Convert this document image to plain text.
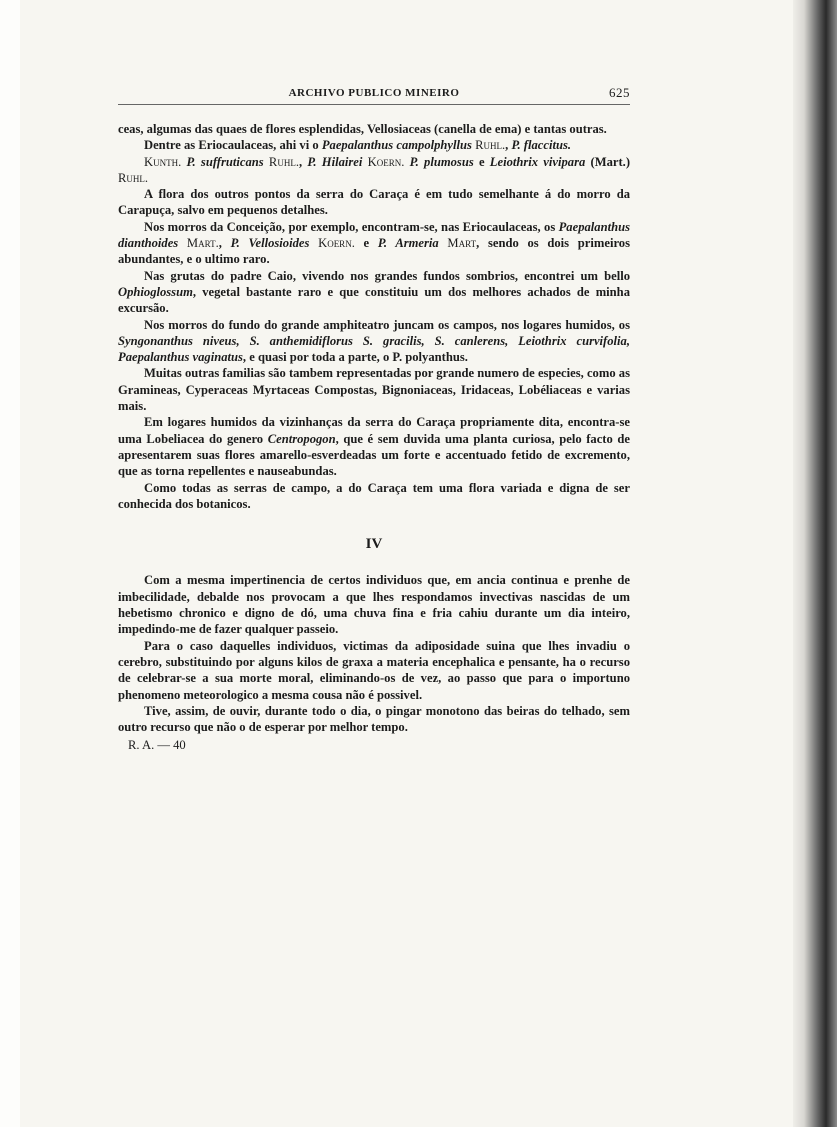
ARCHIVO PUBLICO MINEIRO	625

ceas, algumas das quaes de flores esplendidas, Vellosiaceas (canella de ema) e tantas outras.

Dentre as Eriocaulaceas, ahi vi o Paepalanthus campolphyllus Ruhl., P. flaccitus.

Kunth. P. suffruticans Ruhl., P. Hilairei Koern. P. plumosus e Leiothrix vivipara (Mart.) Ruhl.

A flora dos outros pontos da serra do Caraça é em tudo semelhante á do morro da Carapuça, salvo em pequenos detalhes.

Nos morros da Conceição, por exemplo, encontram-se, nas Eriocaulaceas, os Paepalanthus dianthoides Mart., P. Vellosioides Koern. e P. Armeria Mart, sendo os dois primeiros abundantes, e o ultimo raro.

Nas grutas do padre Caio, vivendo nos grandes fundos sombrios, encontrei um bello Ophioglossum, vegetal bastante raro e que constituiu um dos melhores achados de minha excursão.

Nos morros do fundo do grande amphiteatro juncam os campos, nos logares humidos, os Syngonanthus niveus, S. anthemidiflorus S. gracilis, S. canlerens, Leiothrix curvifolia, Paepalanthus vaginatus, e quasi por toda a parte, o P. polyanthus.

Muitas outras familias são tambem representadas por grande numero de especies, como as Gramineas, Cyperaceas Myrtaceas Compostas, Bignoniaceas, Iridaceas, Lobéliaceas e varias mais.

Em logares humidos da vizinhanças da serra do Caraça propriamente dita, encontra-se uma Lobeliacea do genero Centropogon, que é sem duvida uma planta curiosa, pelo facto de apresentarem suas flores amarello-esverdeadas um forte e accentuado fetido de excremento, que as torna repellentes e nauseabundas.

Como todas as serras de campo, a do Caraça tem uma flora variada e digna de ser conhecida dos botanicos.

IV

Com a mesma impertinencia de certos individuos que, em ancia continua e prenhe de imbecilidade, debalde nos provocam a que lhes respondamos invectivas nascidas de um hebetismo chronico e digno de dó, uma chuva fina e fria cahiu durante um dia inteiro, impedindo-me de fazer qualquer passeio.

Para o caso daquelles individuos, victimas da adiposidade suina que lhes invadiu o cerebro, substituindo por alguns kilos de graxa a materia encephalica e pensante, ha o recurso de celebrar-se a sua morte moral, eliminando-os de vez, ao passo que para o importuno phenomeno meteorologico a mesma cousa não é possivel.

Tive, assim, de ouvir, durante todo o dia, o pingar monotono das beiras do telhado, sem outro recurso que não o de esperar por melhor tempo.

R. A. — 40
